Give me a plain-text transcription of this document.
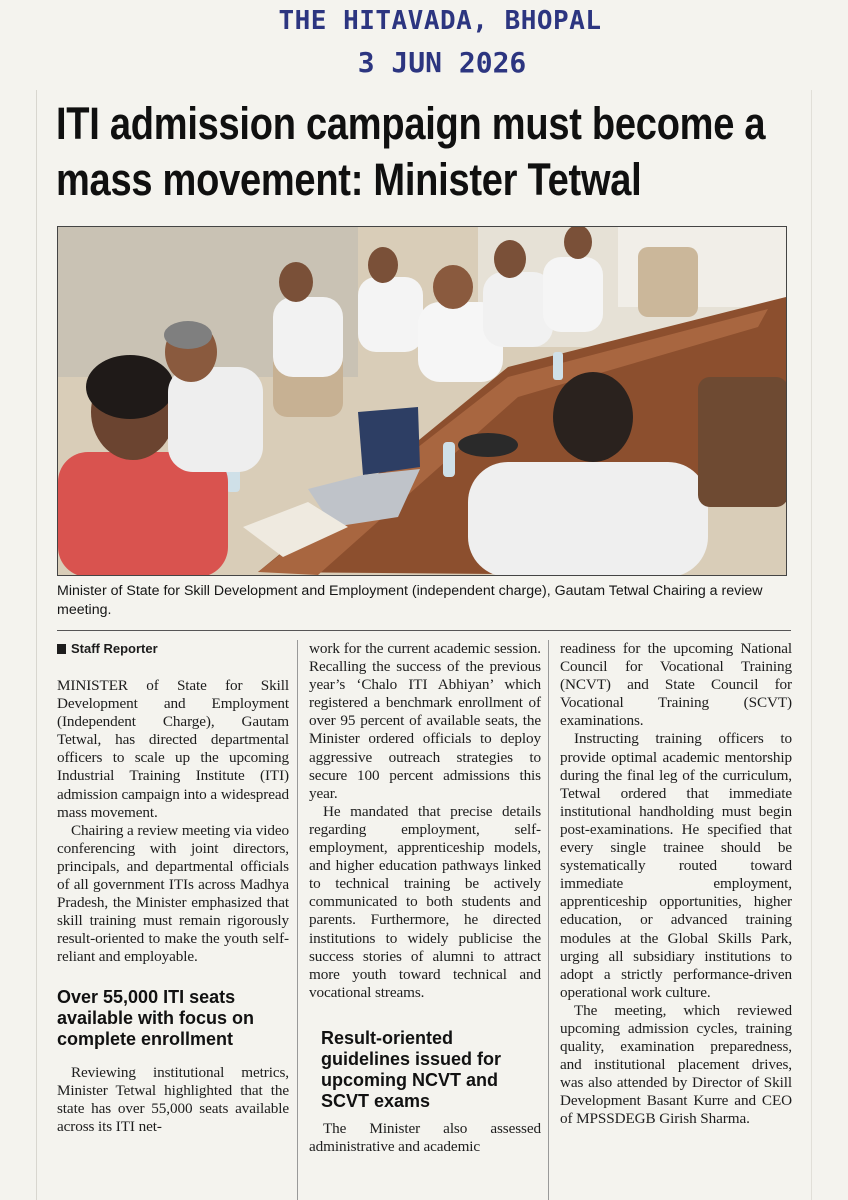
THE HITAVADA, BHOPAL
3 JUN 2026
ITI admission campaign must become a mass movement: Minister Tetwal
Minister of State for Skill Development and Employment (independent charge), Gautam Tetwal Chairing a review meeting.
Staff Reporter

MINISTER of State for Skill Development and Employment (Independent Charge), Gautam Tetwal, has directed departmental officers to scale up the upcoming Industrial Training Institute (ITI) admission campaign into a widespread mass movement.

Chairing a review meeting via video conferencing with joint directors, principals, and departmental officials of all government ITIs across Madhya Pradesh, the Minister emphasized that skill training must remain rigorously result-oriented to make the youth self-reliant and employable.

Over 55,000 ITI seats available with focus on complete enrollment

Reviewing institutional metrics, Minister Tetwal highlighted that the state has over 55,000 seats available across its ITI net-

work for the current academic session. Recalling the success of the previous year’s ‘Chalo ITI Abhiyan’ which registered a benchmark enrollment of over 95 percent of available seats, the Minister ordered officials to deploy aggressive outreach strategies to secure 100 percent admissions this year.

He mandated that precise details regarding employment, self-employment, apprenticeship models, and higher education pathways linked to technical training be actively communicated to both students and parents. Furthermore, he directed institutions to widely publicise the success stories of alumni to attract more youth toward technical and vocational streams.

Result-oriented guidelines issued for upcoming NCVT and SCVT exams

The Minister also assessed administrative and academic

readiness for the upcoming National Council for Vocational Training (NCVT) and State Council for Vocational Training (SCVT) examinations.

Instructing training officers to provide optimal academic mentorship during the final leg of the curriculum, Tetwal ordered that immediate institutional handholding must begin post-examinations. He specified that every single trainee should be systematically routed toward immediate employment, apprenticeship opportunities, higher education, or advanced training modules at the Global Skills Park, urging all subsidiary institutions to adopt a strictly performance-driven operational work culture.

The meeting, which reviewed upcoming admission cycles, training quality, examination preparedness, and institutional placement drives, was also attended by Director of Skill Development Basant Kurre and CEO of MPSSDEGB Girish Sharma.
